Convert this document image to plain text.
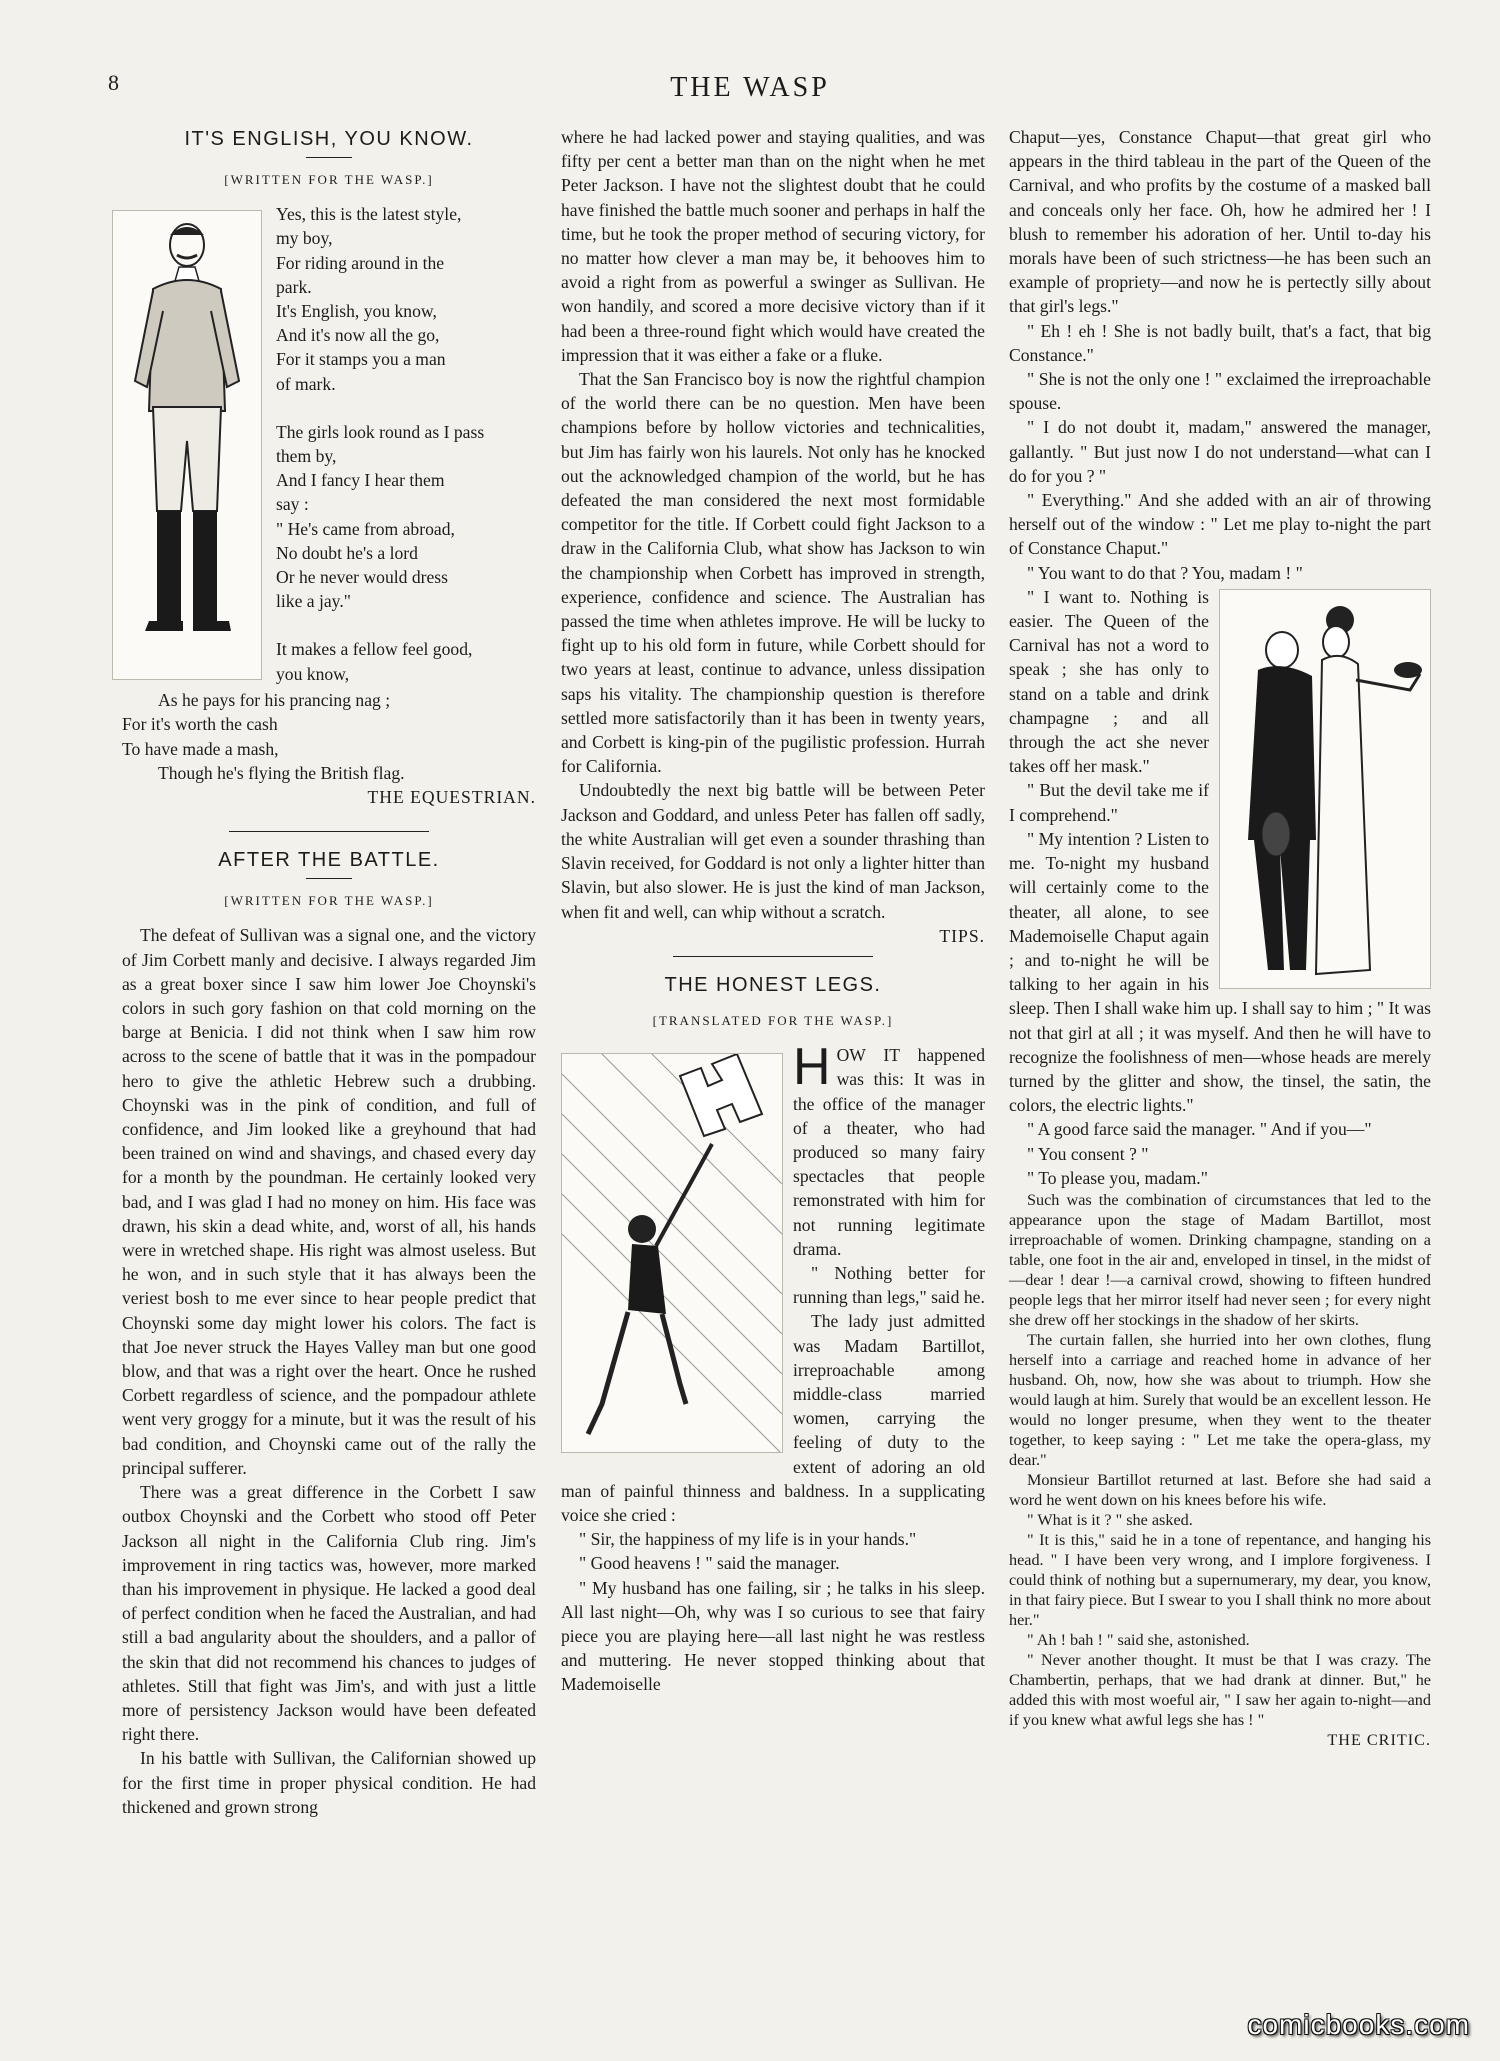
8	THE WASP
IT'S ENGLISH, YOU KNOW.
[WRITTEN FOR THE WASP.]
Yes, this is the latest style,
my boy,
For riding around in the
park.
It's English, you know,
And it's now all the go,
For it stamps you a man
of mark.
The girls look round as I pass
them by,
And I fancy I hear them
say :
" He's came from abroad,
No doubt he's a lord
Or he never would dress
like a jay."
It makes a fellow feel good,
you know,
As he pays for his prancing nag ;
For it's worth the cash
To have made a mash,
Though he's flying the British flag.
THE EQUESTRIAN.
AFTER THE BATTLE.
[WRITTEN FOR THE WASP.]

The defeat of Sullivan was a signal one, and the victory of Jim Corbett manly and decisive. I always regarded Jim as a great boxer since I saw him lower Joe Choynski's colors in such gory fashion on that cold morning on the barge at Benicia. I did not think when I saw him row across to the scene of battle that it was in the pompadour hero to give the athletic Hebrew such a drubbing. Choynski was in the pink of condition, and full of confidence, and Jim looked like a greyhound that had been trained on wind and shavings, and chased every day for a month by the poundman. He certainly looked very bad, and I was glad I had no money on him. His face was drawn, his skin a dead white, and, worst of all, his hands were in wretched shape. His right was almost useless. But he won, and in such style that it has always been the veriest bosh to me ever since to hear people predict that Choynski some day might lower his colors. The fact is that Joe never struck the Hayes Valley man but one good blow, and that was a right over the heart. Once he rushed Corbett regardless of science, and the pompadour athlete went very groggy for a minute, but it was the result of his bad condition, and Choynski came out of the rally the principal sufferer.

There was a great difference in the Corbett I saw outbox Choynski and the Corbett who stood off Peter Jackson all night in the California Club ring. Jim's improvement in ring tactics was, however, more marked than his improvement in physique. He lacked a good deal of perfect condition when he faced the Australian, and had still a bad angularity about the shoulders, and a pallor of the skin that did not recommend his chances to judges of athletes. Still that fight was Jim's, and with just a little more of persistency Jackson would have been defeated right there.

In his battle with Sullivan, the Californian showed up for the first time in proper physical condition. He had thickened and grown strong

where he had lacked power and staying qualities, and was fifty per cent a better man than on the night when he met Peter Jackson. I have not the slightest doubt that he could have finished the battle much sooner and perhaps in half the time, but he took the proper method of securing victory, for no matter how clever a man may be, it behooves him to avoid a right from as powerful a swinger as Sullivan. He won handily, and scored a more decisive victory than if it had been a three-round fight which would have created the impression that it was either a fake or a fluke.

That the San Francisco boy is now the rightful champion of the world there can be no question. Men have been champions before by hollow victories and technicalities, but Jim has fairly won his laurels. Not only has he knocked out the acknowledged champion of the world, but he has defeated the man considered the next most formidable competitor for the title. If Corbett could fight Jackson to a draw in the California Club, what show has Jackson to win the championship when Corbett has improved in strength, experience, confidence and science. The Australian has passed the time when athletes improve. He will be lucky to fight up to his old form in future, while Corbett should for two years at least, continue to advance, unless dissipation saps his vitality. The championship question is therefore settled more satisfactorily than it has been in twenty years, and Corbett is king-pin of the pugilistic profession. Hurrah for California.

Undoubtedly the next big battle will be between Peter Jackson and Goddard, and unless Peter has fallen off sadly, the white Australian will get even a sounder thrashing than Slavin received, for Goddard is not only a lighter hitter than Slavin, but also slower. He is just the kind of man Jackson, when fit and well, can whip without a scratch.

TIPS.
THE HONEST LEGS.
[TRANSLATED FOR THE WASP.]
H OW IT happened was this: It was in the office of the manager of a theater, who had produced so many fairy spectacles that people remonstrated with him for not running legitimate drama.

" Nothing better for running than legs," said he.

The lady just admitted was Madam Bartillot, irreproachable among middle-class married women, carrying the feeling of duty to the extent of adoring an old man of painful thinness and baldness. In a supplicating voice she cried :

" Sir, the happiness of my life is in your hands."

" Good heavens ! " said the manager.

" My husband has one failing, sir ; he talks in his sleep. All last night—Oh, why was I so curious to see that fairy piece you are playing here—all last night he was restless and muttering. He never stopped thinking about that Mademoiselle

Chaput—yes, Constance Chaput—that great girl who appears in the third tableau in the part of the Queen of the Carnival, and who profits by the costume of a masked ball and conceals only her face. Oh, how he admired her ! I blush to remember his adoration of her. Until to-day his morals have been of such strictness—he has been such an example of propriety—and now he is pertectly silly about that girl's legs."

" Eh ! eh ! She is not badly built, that's a fact, that big Constance."

" She is not the only one ! " exclaimed the irreproachable spouse.

" I do not doubt it, madam," answered the manager, gallantly. " But just now I do not understand—what can I do for you ? "

" Everything." And she added with an air of throwing herself out of the window : " Let me play to-night the part of Constance Chaput."

" You want to do that ? You, madam ! "

" I want to. Nothing is easier. The Queen of the Carnival has not a word to speak ; she has only to stand on a table and drink champagne ; and all through the act she never takes off her mask."

" But the devil take me if I comprehend."

" My intention ? Listen to me. To-night my husband will certainly come to the theater, all alone, to see Mademoiselle Chaput again ; and to-night he will be talking to her again in his sleep. Then I shall wake him up. I shall say to him ; " It was not that girl at all ; it was myself. And then he will have to recognize the foolishness of men—whose heads are merely turned by the glitter and show, the tinsel, the satin, the colors, the electric lights."

" A good farce said the manager. " And if you—"

" You consent ? "

" To please you, madam."

Such was the combination of circumstances that led to the appearance upon the stage of Madam Bartillot, most irreproachable of women. Drinking champagne, standing on a table, one foot in the air and, enveloped in tinsel, in the midst of—dear ! dear !—a carnival crowd, showing to fifteen hundred people legs that her mirror itself had never seen ; for every night she drew off her stockings in the shadow of her skirts.

The curtain fallen, she hurried into her own clothes, flung herself into a carriage and reached home in advance of her husband. Oh, now, how she was about to triumph. How she would laugh at him. Surely that would be an excellent lesson. He would no longer presume, when they went to the theater together, to keep saying : " Let me take the opera-glass, my dear."

Monsieur Bartillot returned at last. Before she had said a word he went down on his knees before his wife.

" What is it ? " she asked.

" It is this," said he in a tone of repentance, and hanging his head. " I have been very wrong, and I implore forgiveness. I could think of nothing but a supernumerary, my dear, you know, in that fairy piece. But I swear to you I shall think no more about her."

" Ah ! bah ! " said she, astonished.

" Never another thought. It must be that I was crazy. The Chambertin, perhaps, that we had drank at dinner. But," he added this with most woeful air, " I saw her again to-night—and if you knew what awful legs she has ! "

THE CRITIC.
comicbooks.com
